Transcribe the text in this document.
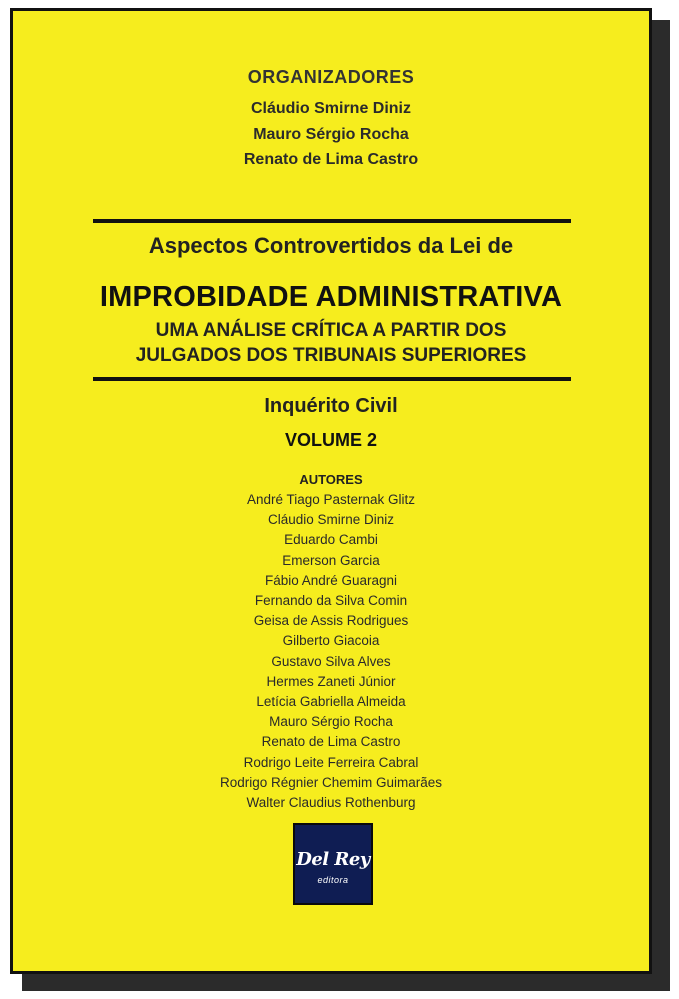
ORGANIZADORES
Cláudio Smirne Diniz
Mauro Sérgio Rocha
Renato de Lima Castro
Aspectos Controvertidos da Lei de
IMPROBIDADE ADMINISTRATIVA
UMA ANÁLISE CRÍTICA A PARTIR DOS
JULGADOS DOS TRIBUNAIS SUPERIORES
Inquérito Civil
VOLUME 2
AUTORES
André Tiago Pasternak Glitz
Cláudio Smirne Diniz
Eduardo Cambi
Emerson Garcia
Fábio André Guaragni
Fernando da Silva Comin
Geisa de Assis Rodrigues
Gilberto Giacoia
Gustavo Silva Alves
Hermes Zaneti Júnior
Letícia Gabriella Almeida
Mauro Sérgio Rocha
Renato de Lima Castro
Rodrigo Leite Ferreira Cabral
Rodrigo Régnier Chemim Guimarães
Walter Claudius Rothenburg
Del Rey
editora
